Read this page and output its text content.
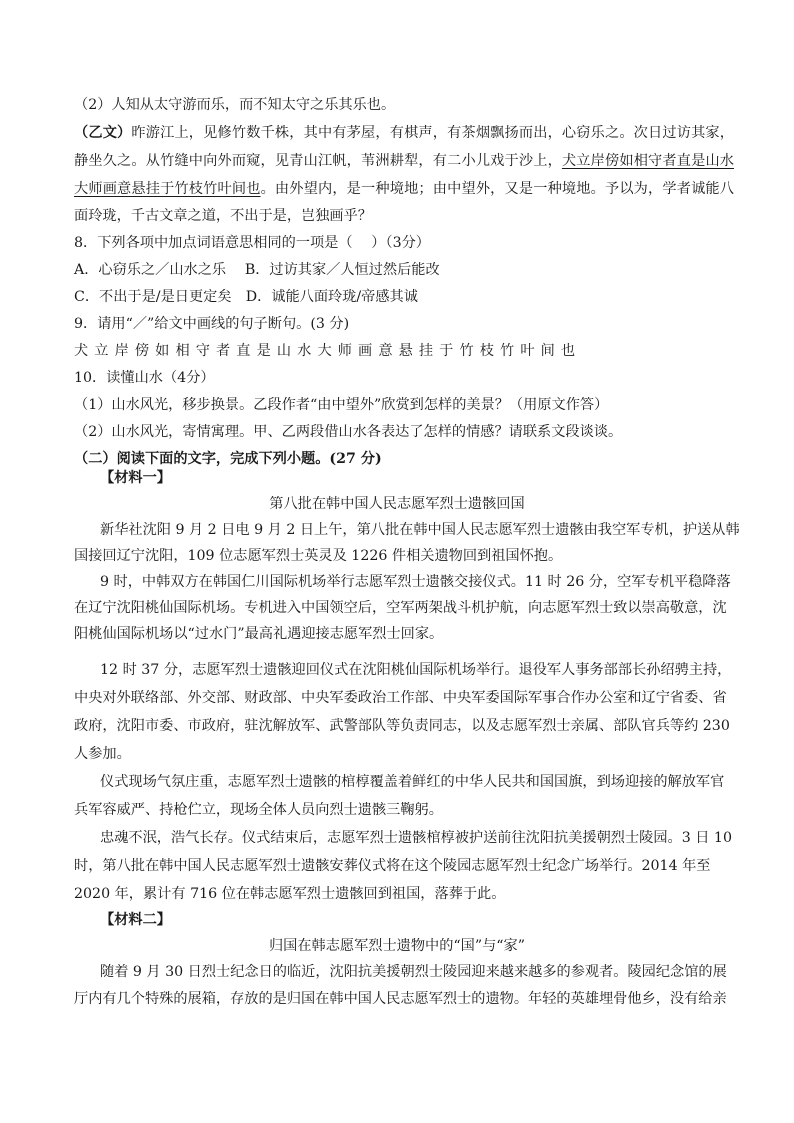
（2）人知从太守游而乐，而不知太守之乐其乐也。
（乙文）昨游江上，见修竹数千株，其中有茅屋，有棋声，有茶烟飘扬而出，心窃乐之。次日过访其家，
静坐久之。从竹缝中向外而窥，见青山江帆，苇洲耕犁，有二小儿戏于沙上，犬立岸傍如相守者直是山水
大师画意悬挂于竹枝竹叶间也。由外望内，是一种境地；由中望外，又是一种境地。予以为，学者诚能八
面玲珑，千古文章之道，不出于是，岂独画乎？
8．下列各项中加点词语意思相同的一项是（　 ）（3分）
A．心窃乐之／山水之乐　 B．过访其家／人恒过然后能改
C．不出于是/是日更定矣　D．诚能八面玲珑/帝感其诚
9．请用“／”给文中画线的句子断句。(3 分)
犬立岸傍如相守者直是山水大师画意悬挂于竹枝竹叶间也
10．读懂山水（4分）
（1）山水风光，移步换景。乙段作者“由中望外”欣赏到怎样的美景？（用原文作答）
（2）山水风光，寄情寓理。甲、乙两段借山水各表达了怎样的情感？请联系文段谈谈。
（二）阅读下面的文字，完成下列小题。(27 分)
【材料一】
第八批在韩中国人民志愿军烈士遗骸回国
新华社沈阳 9 月 2 日电 9 月 2 日上午，第八批在韩中国人民志愿军烈士遗骸由我空军专机，护送从韩
国接回辽宁沈阳，109 位志愿军烈士英灵及 1226 件相关遗物回到祖国怀抱。
9 时，中韩双方在韩国仁川国际机场举行志愿军烈士遗骸交接仪式。11 时 26 分，空军专机平稳降落
在辽宁沈阳桃仙国际机场。专机进入中国领空后，空军两架战斗机护航，向志愿军烈士致以崇高敬意，沈
阳桃仙国际机场以“过水门”最高礼遇迎接志愿军烈士回家。
12 时 37 分，志愿军烈士遗骸迎回仪式在沈阳桃仙国际机场举行。退役军人事务部部长孙绍骋主持，
中央对外联络部、外交部、财政部、中央军委政治工作部、中央军委国际军事合作办公室和辽宁省委、省
政府，沈阳市委、市政府，驻沈解放军、武警部队等负责同志，以及志愿军烈士亲属、部队官兵等约 230
人参加。
仪式现场气氛庄重，志愿军烈士遗骸的棺椁覆盖着鲜红的中华人民共和国国旗，到场迎接的解放军官
兵军容威严、持枪伫立，现场全体人员向烈士遗骸三鞠躬。
忠魂不泯，浩气长存。仪式结束后，志愿军烈士遗骸棺椁被护送前往沈阳抗美援朝烈士陵园。3 日 10
时，第八批在韩中国人民志愿军烈士遗骸安葬仪式将在这个陵园志愿军烈士纪念广场举行。2014 年至
2020 年，累计有 716 位在韩志愿军烈士遗骸回到祖国，落葬于此。
【材料二】
归国在韩志愿军烈士遗物中的“国”与“家”
随着 9 月 30 日烈士纪念日的临近，沈阳抗美援朝烈士陵园迎来越来越多的参观者。陵园纪念馆的展
厅内有几个特殊的展箱，存放的是归国在韩中国人民志愿军烈士的遗物。年轻的英雄埋骨他乡，没有给亲
